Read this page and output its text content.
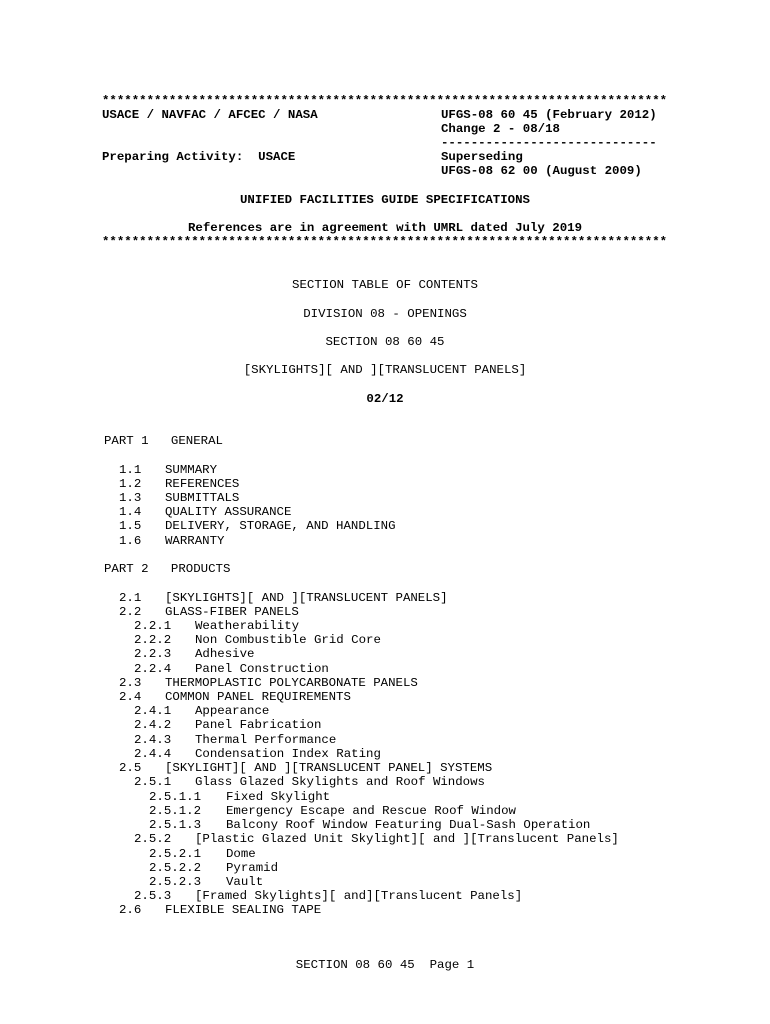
****************************************************************************
USACE / NAVFAC / AFCEC / NASA	UFGS-08 60 45 (February 2012)
Change 2 - 08/18
-----------------------------
Preparing Activity:  USACE	Superseding
UFGS-08 62 00 (August 2009)
UNIFIED FACILITIES GUIDE SPECIFICATIONS
References are in agreement with UMRL dated July 2019
****************************************************************************
SECTION TABLE OF CONTENTS
DIVISION 08 - OPENINGS
SECTION 08 60 45
[SKYLIGHTS][ AND ][TRANSLUCENT PANELS]
02/12
PART 1   GENERAL
1.1 SUMMARY
1.2 REFERENCES
1.3 SUBMITTALS
1.4 QUALITY ASSURANCE
1.5 DELIVERY, STORAGE, AND HANDLING
1.6 WARRANTY
PART 2   PRODUCTS
2.1 [SKYLIGHTS][ AND ][TRANSLUCENT PANELS]
2.2 GLASS-FIBER PANELS
2.2.1 Weatherability
2.2.2 Non Combustible Grid Core
2.2.3 Adhesive
2.2.4 Panel Construction
2.3 THERMOPLASTIC POLYCARBONATE PANELS
2.4 COMMON PANEL REQUIREMENTS
2.4.1 Appearance
2.4.2 Panel Fabrication
2.4.3 Thermal Performance
2.4.4 Condensation Index Rating
2.5 [SKYLIGHT][ AND ][TRANSLUCENT PANEL] SYSTEMS
2.5.1 Glass Glazed Skylights and Roof Windows
2.5.1.1 Fixed Skylight
2.5.1.2 Emergency Escape and Rescue Roof Window
2.5.1.3 Balcony Roof Window Featuring Dual-Sash Operation
2.5.2 [Plastic Glazed Unit Skylight][ and ][Translucent Panels]
2.5.2.1 Dome
2.5.2.2 Pyramid
2.5.2.3 Vault
2.5.3 [Framed Skylights][ and][Translucent Panels]
2.6 FLEXIBLE SEALING TAPE
SECTION 08 60 45  Page 1
